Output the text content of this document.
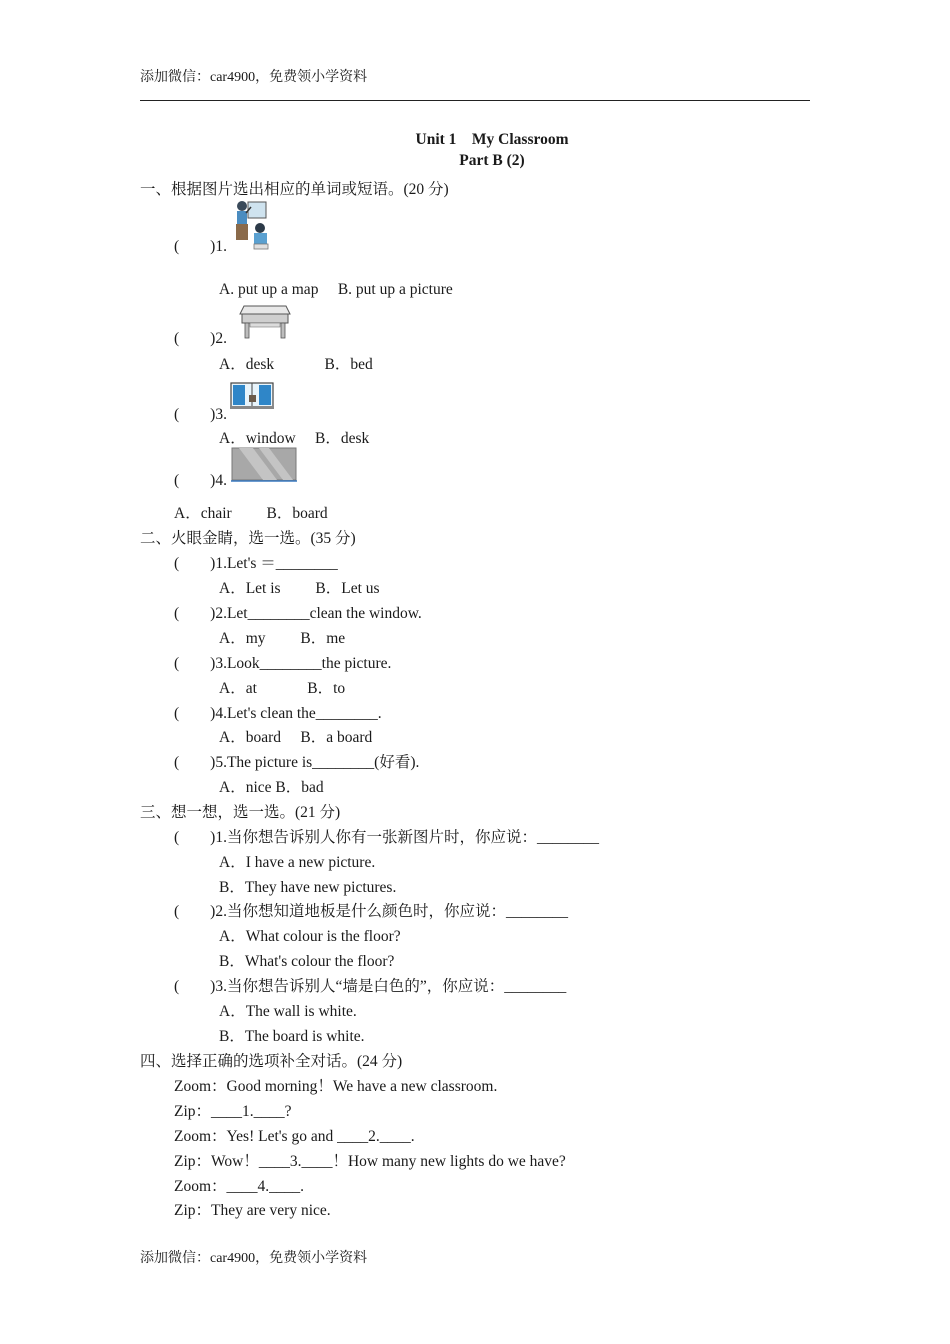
添加微信：car4900，免费领小学资料
Unit 1　My Classroom
Part B (2)
一、根据图片选出相应的单词或短语。(20 分)
(　　)1.
A. put up a map　 B. put up a picture
(　　)2.
A．desk　　　 B．bed
(　　)3.
A．window　 B．desk
(　　)4.
A．chair　　 B．board
二、火眼金睛，选一选。(35 分)
(　　)1.Let's ＝________
A．Let is　　 B．Let us
(　　)2.Let________clean the window.
A．my　　 B．me
(　　)3.Look________the picture.
A．at　　　 B．to
(　　)4.Let's clean the________.
A．board　 B．a board
(　　)5.The picture is________(好看).
A．nice B．bad
三、想一想，选一选。(21 分)
(　　)1.当你想告诉别人你有一张新图片时，你应说：________
A．I have a new picture.
B．They have new pictures.
(　　)2.当你想知道地板是什么颜色时，你应说：________
A．What colour is the floor?
B．What's colour the floor?
(　　)3.当你想告诉别人“墙是白色的”，你应说：________
A．The wall is white.
B．The board is white.
四、选择正确的选项补全对话。(24 分)
Zoom：Good morning！We have a new classroom.
Zip：____1.____?
Zoom：Yes! Let's go and ____2.____.
Zip：Wow！____3.____！How many new lights do we have?
Zoom：____4.____.
Zip：They are very nice.
添加微信：car4900，免费领小学资料
